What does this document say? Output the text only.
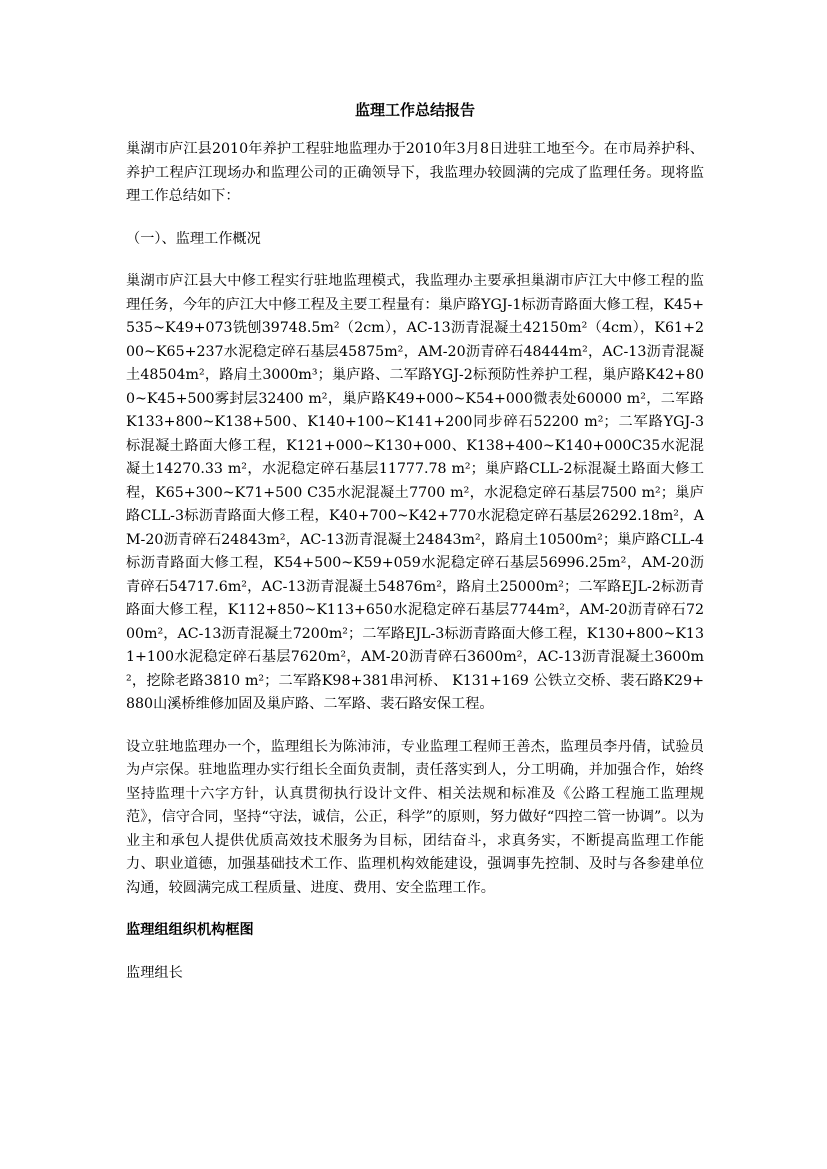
监理工作总结报告
巢湖市庐江县2010年养护工程驻地监理办于2010年3月8日进驻工地至今。在市局养护科、养护工程庐江现场办和监理公司的正确领导下，我监理办较圆满的完成了监理任务。现将监理工作总结如下：
（一）、监理工作概况
巢湖市庐江县大中修工程实行驻地监理模式，我监理办主要承担巢湖市庐江大中修工程的监理任务，今年的庐江大中修工程及主要工程量有：巢庐路YGJ-1标沥青路面大修工程，K45+535~K49+073铣刨39748.5m²（2cm），AC-13沥青混凝土42150m²（4cm），K61+200~K65+237水泥稳定碎石基层45875m²，AM-20沥青碎石48444m²，AC-13沥青混凝土48504m²，路肩土3000m³；巢庐路、二军路YGJ-2标预防性养护工程，巢庐路K42+800~K45+500雾封层32400 m²，巢庐路K49+000~K54+000微表处60000 m²，二军路K133+800~K138+500、K140+100~K141+200同步碎石52200 m²；二军路YGJ-3标混凝土路面大修工程，K121+000~K130+000、K138+400~K140+000C35水泥混凝土14270.33 m²，水泥稳定碎石基层11777.78 m²；巢庐路CLL-2标混凝土路面大修工程，K65+300~K71+500 C35水泥混凝土7700 m²，水泥稳定碎石基层7500 m²；巢庐路CLL-3标沥青路面大修工程，K40+700~K42+770水泥稳定碎石基层26292.18m²，AM-20沥青碎石24843m²，AC-13沥青混凝土24843m²，路肩土10500m²；巢庐路CLL-4标沥青路面大修工程，K54+500~K59+059水泥稳定碎石基层56996.25m²，AM-20沥青碎石54717.6m²，AC-13沥青混凝土54876m²，路肩土25000m²；二军路EJL-2标沥青路面大修工程，K112+850~K113+650水泥稳定碎石基层7744m²，AM-20沥青碎石7200m²，AC-13沥青混凝土7200m²；二军路EJL-3标沥青路面大修工程，K130+800~K131+100水泥稳定碎石基层7620m²，AM-20沥青碎石3600m²，AC-13沥青混凝土3600m²，挖除老路3810 m²；二军路K98+381串河桥、 K131+169 公铁立交桥、裴石路K29+880山溪桥维修加固及巢庐路、二军路、裴石路安保工程。
设立驻地监理办一个，监理组长为陈沛沛，专业监理工程师王善杰，监理员李丹倩，试验员为卢宗保。驻地监理办实行组长全面负责制，责任落实到人，分工明确，并加强合作，始终坚持监理十六字方针，认真贯彻执行设计文件、相关法规和标准及《公路工程施工监理规范》，信守合同，坚持“守法，诚信，公正，科学”的原则，努力做好“四控二管一协调”。以为业主和承包人提供优质高效技术服务为目标，团结奋斗，求真务实，不断提高监理工作能力、职业道德，加强基础技术工作、监理机构效能建设，强调事先控制、及时与各参建单位沟通，较圆满完成工程质量、进度、费用、安全监理工作。
监理组组织机构框图
监理组长
